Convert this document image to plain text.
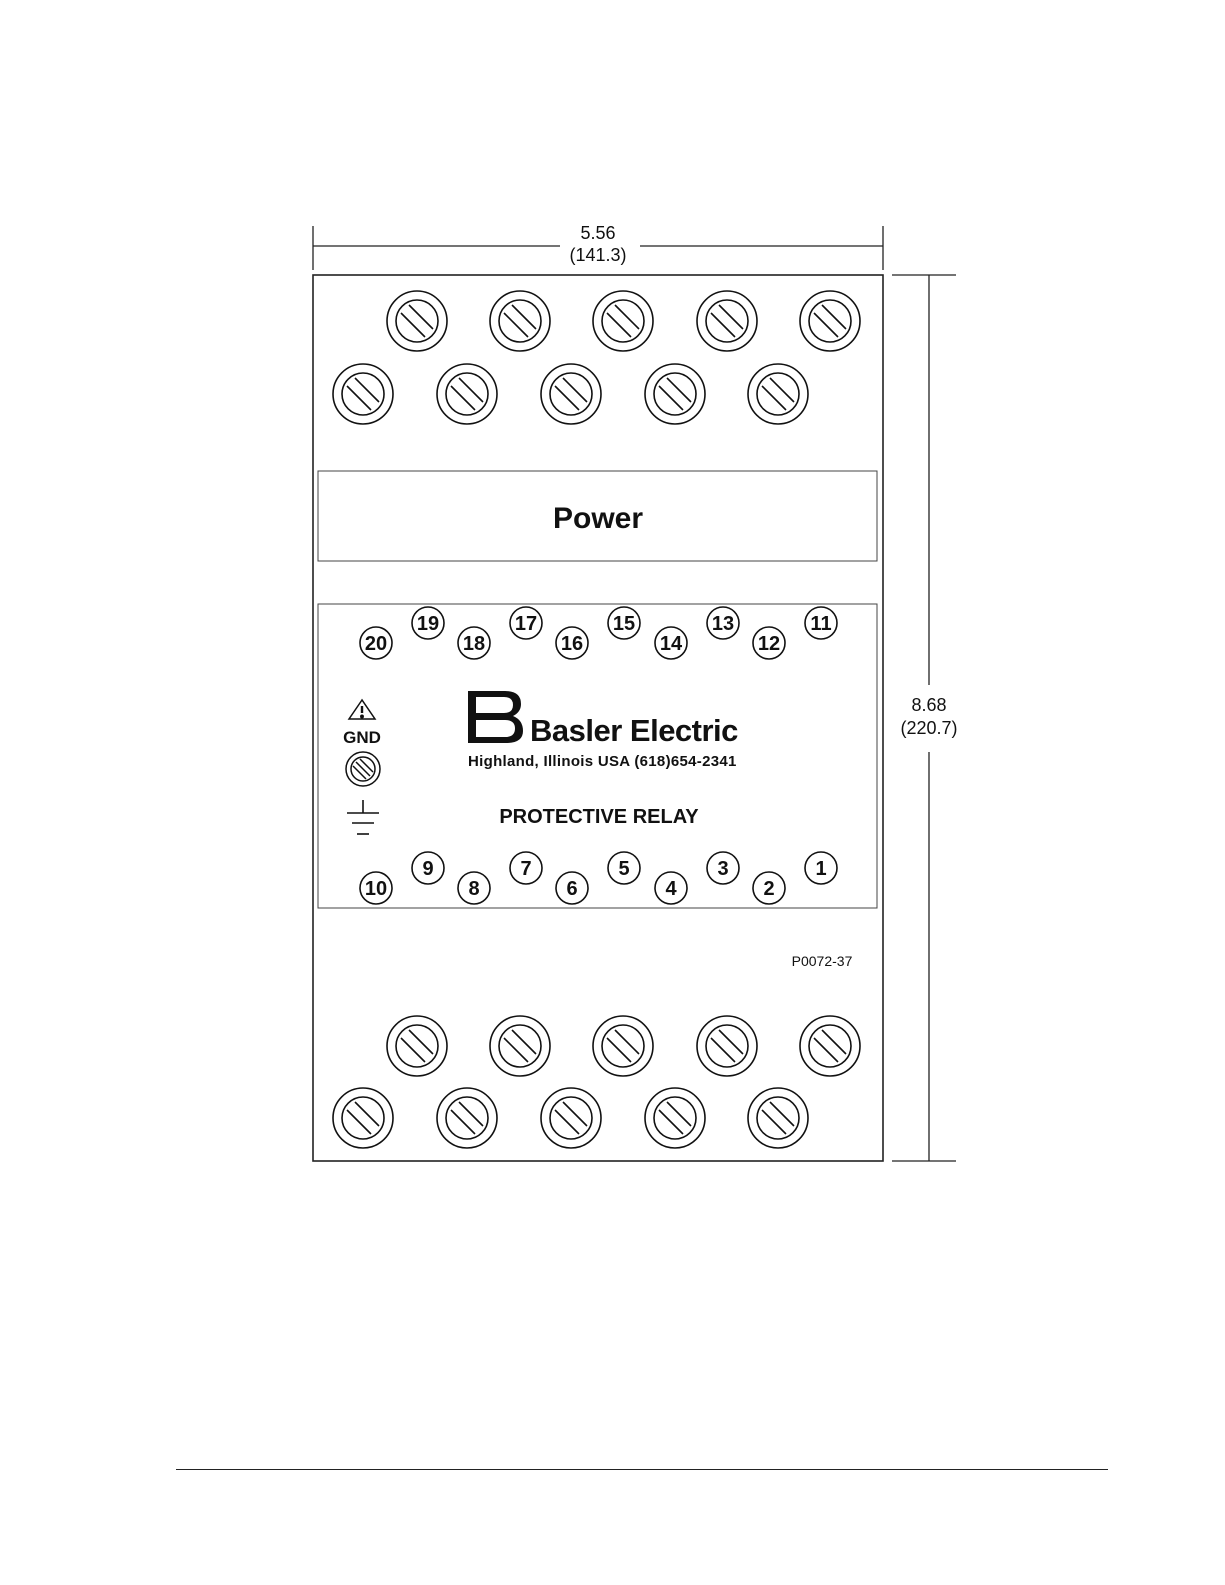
5.56
(141.3)
8.68
(220.7)
Power
20
19
18
17
16
15
14
13
12
11
10
9
8
7
6
5
4
3
2
1
GND	Basler Electric
Highland, Illinois USA (618)654-2341
PROTECTIVE RELAY
P0072-37
